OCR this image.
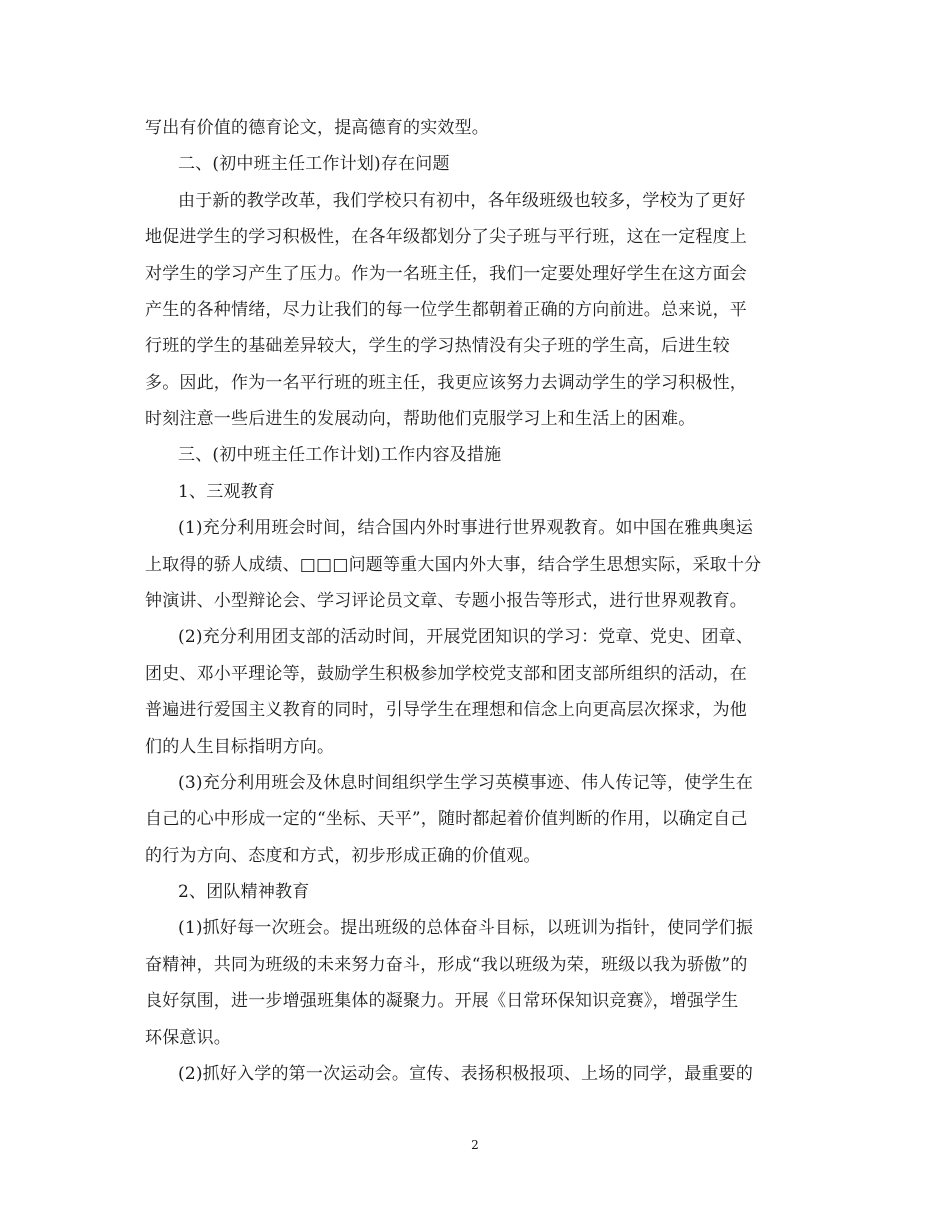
写出有价值的德育论文，提高德育的实效型。
二、(初中班主任工作计划)存在问题
由于新的教学改革，我们学校只有初中，各年级班级也较多，学校为了更好
地促进学生的学习积极性，在各年级都划分了尖子班与平行班，这在一定程度上
对学生的学习产生了压力。作为一名班主任，我们一定要处理好学生在这方面会
产生的各种情绪，尽力让我们的每一位学生都朝着正确的方向前进。总来说，平
行班的学生的基础差异较大，学生的学习热情没有尖子班的学生高，后进生较
多。因此，作为一名平行班的班主任，我更应该努力去调动学生的学习积极性，
时刻注意一些后进生的发展动向，帮助他们克服学习上和生活上的困难。
三、(初中班主任工作计划)工作内容及措施
1、三观教育
(1)充分利用班会时间，结合国内外时事进行世界观教育。如中国在雅典奥运
上取得的骄人成绩、□□□问题等重大国内外大事，结合学生思想实际，采取十分
钟演讲、小型辩论会、学习评论员文章、专题小报告等形式，进行世界观教育。
(2)充分利用团支部的活动时间，开展党团知识的学习：党章、党史、团章、
团史、邓小平理论等，鼓励学生积极参加学校党支部和团支部所组织的活动，在
普遍进行爱国主义教育的同时，引导学生在理想和信念上向更高层次探求，为他
们的人生目标指明方向。
(3)充分利用班会及休息时间组织学生学习英模事迹、伟人传记等，使学生在
自己的心中形成一定的“坐标、天平”，随时都起着价值判断的作用，以确定自己
的行为方向、态度和方式，初步形成正确的价值观。
2、团队精神教育
(1)抓好每一次班会。提出班级的总体奋斗目标，以班训为指针，使同学们振
奋精神，共同为班级的未来努力奋斗，形成“我以班级为荣，班级以我为骄傲”的
良好氛围，进一步增强班集体的凝聚力。开展《日常环保知识竞赛》，增强学生
环保意识。
(2)抓好入学的第一次运动会。宣传、表扬积极报项、上场的同学，最重要的
2
